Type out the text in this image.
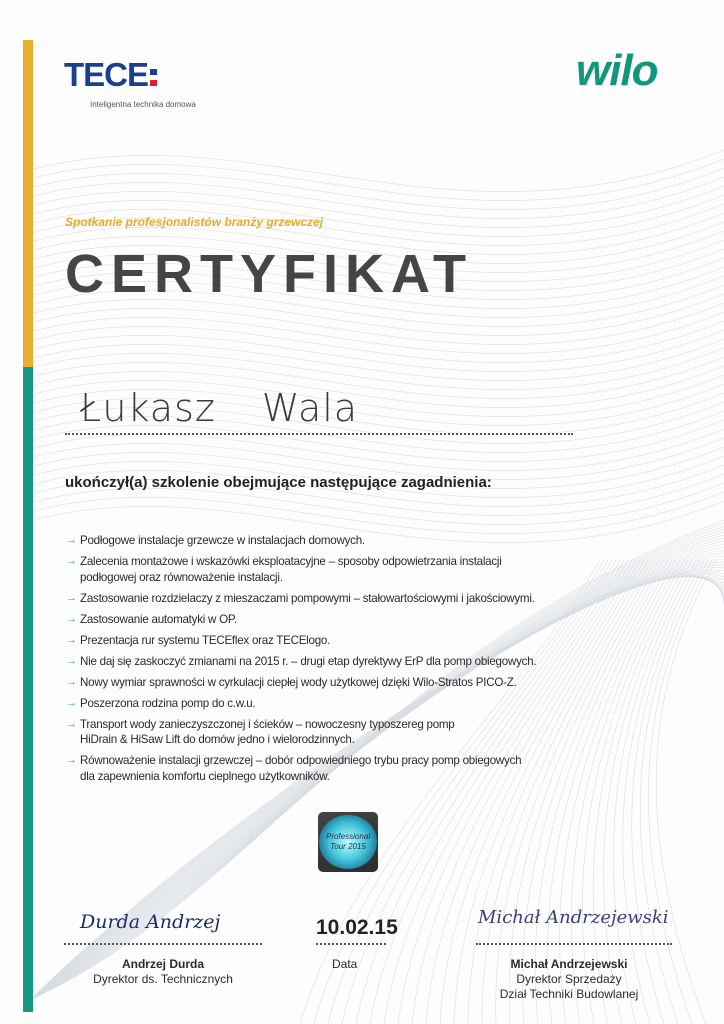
TECE
Inteligentna technika domowa
wilo
Spotkanie profesjonalistów branży grzewczej
CERTYFIKAT
Łukasz Wala
ukończył(a) szkolenie obejmujące następujące zagadnienia:
→ Podłogowe instalacje grzewcze w instalacjach domowych.
→ Zalecenia montażowe i wskazówki eksploatacyjne – sposoby odpowietrzania instalacji
podłogowej oraz równoważenie instalacji.
→ Zastosowanie rozdzielaczy z mieszaczami pompowymi – stałowartościowymi i jakościowymi.
→ Zastosowanie automatyki w OP.
→ Prezentacja rur systemu TECEflex oraz TECElogo.
→ Nie daj się zaskoczyć zmianami na 2015 r. – drugi etap dyrektywy ErP dla pomp obiegowych.
→ Nowy wymiar sprawności w cyrkulacji ciepłej wody użytkowej dzięki Wilo-Stratos PICO-Z.
→ Poszerzona rodzina pomp do c.w.u.
→ Transport wody zanieczyszczonej i ścieków – nowoczesny typoszereg pomp
HiDrain & HiSaw Lift do domów jedno i wielorodzinnych.
→ Równoważenie instalacji grzewczej – dobór odpowiedniego trybu pracy pomp obiegowych
dla zapewnienia komfortu cieplnego użytkowników.
Professional
Tour 2015
Durda Andrzej
Andrzej Durda
Dyrektor ds. Technicznych
10.02.15
Data
Michał Andrzejewski
Michał Andrzejewski
Dyrektor Sprzedaży
Dział Techniki Budowlanej
